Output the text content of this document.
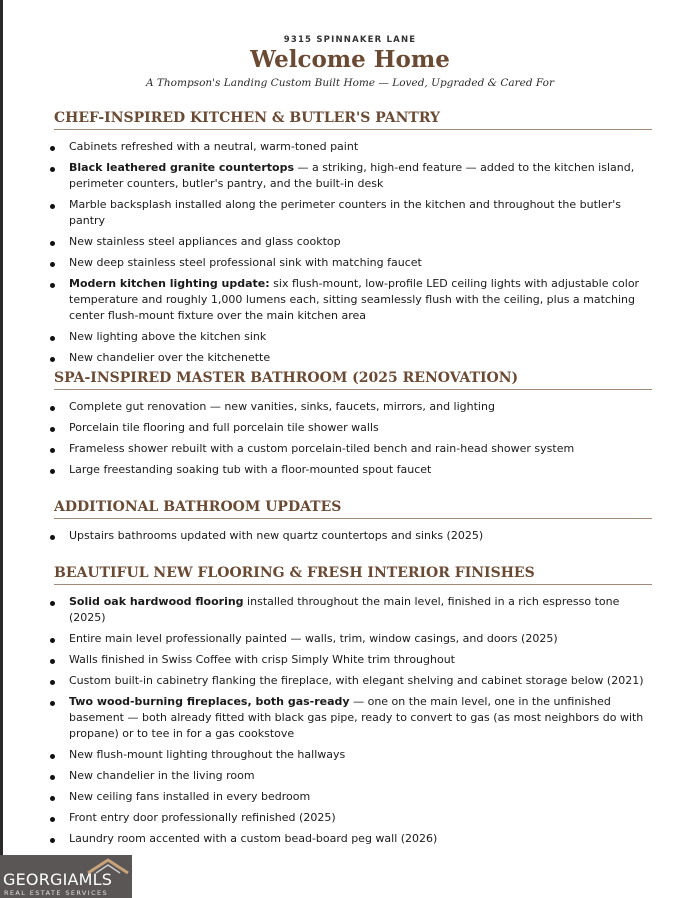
9315 SPINNAKER LANE
Welcome Home
A Thompson's Landing Custom Built Home — Loved, Upgraded & Cared For
CHEF-INSPIRED KITCHEN & BUTLER'S PANTRY
Cabinets refreshed with a neutral, warm-toned paint
Black leathered granite countertops — a striking, high-end feature — added to the kitchen island, perimeter counters, butler's pantry, and the built-in desk
Marble backsplash installed along the perimeter counters in the kitchen and throughout the butler's pantry
New stainless steel appliances and glass cooktop
New deep stainless steel professional sink with matching faucet
Modern kitchen lighting update: six flush-mount, low-profile LED ceiling lights with adjustable color temperature and roughly 1,000 lumens each, sitting seamlessly flush with the ceiling, plus a matching center flush-mount fixture over the main kitchen area
New lighting above the kitchen sink
New chandelier over the kitchenette
SPA-INSPIRED MASTER BATHROOM (2025 RENOVATION)
Complete gut renovation — new vanities, sinks, faucets, mirrors, and lighting
Porcelain tile flooring and full porcelain tile shower walls
Frameless shower rebuilt with a custom porcelain-tiled bench and rain-head shower system
Large freestanding soaking tub with a floor-mounted spout faucet
ADDITIONAL BATHROOM UPDATES
Upstairs bathrooms updated with new quartz countertops and sinks (2025)
BEAUTIFUL NEW FLOORING & FRESH INTERIOR FINISHES
Solid oak hardwood flooring installed throughout the main level, finished in a rich espresso tone (2025)
Entire main level professionally painted — walls, trim, window casings, and doors (2025)
Walls finished in Swiss Coffee with crisp Simply White trim throughout
Custom built-in cabinetry flanking the fireplace, with elegant shelving and cabinet storage below (2021)
Two wood-burning fireplaces, both gas-ready — one on the main level, one in the unfinished basement — both already fitted with black gas pipe, ready to convert to gas (as most neighbors do with propane) or to tee in for a gas cookstove
New flush-mount lighting throughout the hallways
New chandelier in the living room
New ceiling fans installed in every bedroom
Front entry door professionally refinished (2025)
Laundry room accented with a custom bead-board peg wall (2026)
GEORGIAMLS
REAL ESTATE SERVICES
